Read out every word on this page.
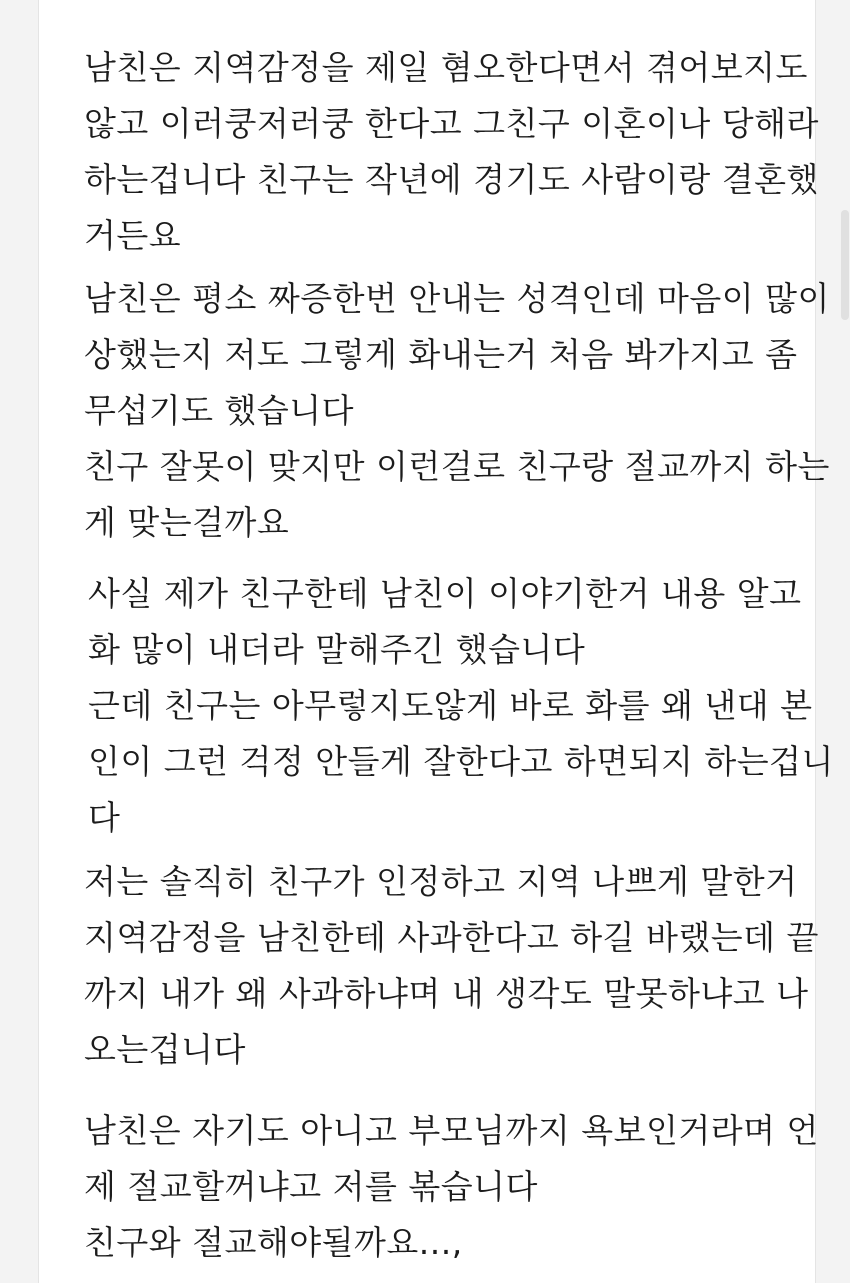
남친은 지역감정을 제일 혐오한다면서 겪어보지도
않고 이러쿵저러쿵 한다고 그친구 이혼이나 당해라
하는겁니다 친구는 작년에 경기도 사람이랑 결혼했
거든요
남친은 평소 짜증한번 안내는 성격인데 마음이 많이
상했는지 저도 그렇게 화내는거 처음 봐가지고 좀
무섭기도 했습니다
친구 잘못이 맞지만 이런걸로 친구랑 절교까지 하는
게 맞는걸까요
사실 제가 친구한테 남친이 이야기한거 내용 알고
화 많이 내더라 말해주긴 했습니다
근데 친구는 아무렇지도않게 바로 화를 왜 낸대 본
인이 그런 걱정 안들게 잘한다고 하면되지 하는겁니
다
저는 솔직히 친구가 인정하고 지역 나쁘게 말한거
지역감정을 남친한테 사과한다고 하길 바랬는데 끝
까지 내가 왜 사과하냐며 내 생각도 말못하냐고 나
오는겁니다
남친은 자기도 아니고 부모님까지 욕보인거라며 언
제 절교할꺼냐고 저를 볶습니다
친구와 절교해야될까요...,
